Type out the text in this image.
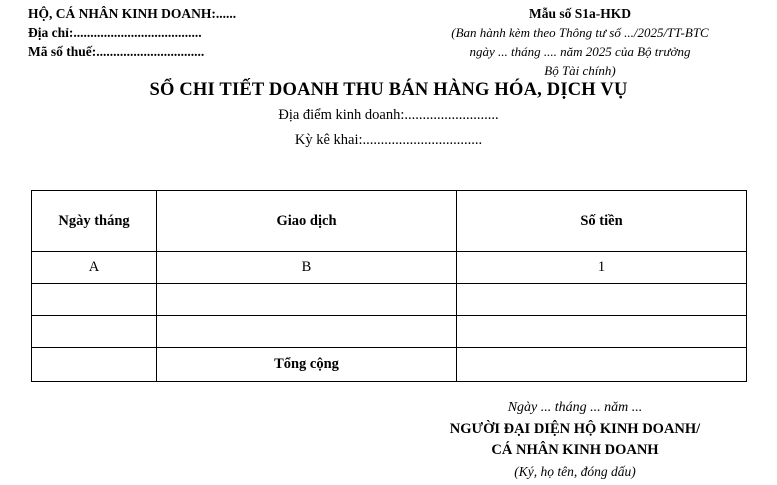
HỘ, CÁ NHÂN KINH DOANH:......
Địa chỉ:......................................
Mã số thuế:................................
Mẫu số S1a-HKD
(Ban hành kèm theo Thông tư số .../2025/TT-BTC
ngày ... tháng .... năm 2025 của Bộ trưởng
Bộ Tài chính)
SỔ CHI TIẾT DOANH THU BÁN HÀNG HÓA, DỊCH VỤ
Địa điểm kinh doanh:..........................
Kỳ kê khai:.................................
Ngày tháng	Giao dịch	Số tiền
A	B	1

	Tổng cộng	
Ngày ... tháng ... năm ...
NGƯỜI ĐẠI DIỆN HỘ KINH DOANH/
CÁ NHÂN KINH DOANH
(Ký, họ tên, đóng dấu)
